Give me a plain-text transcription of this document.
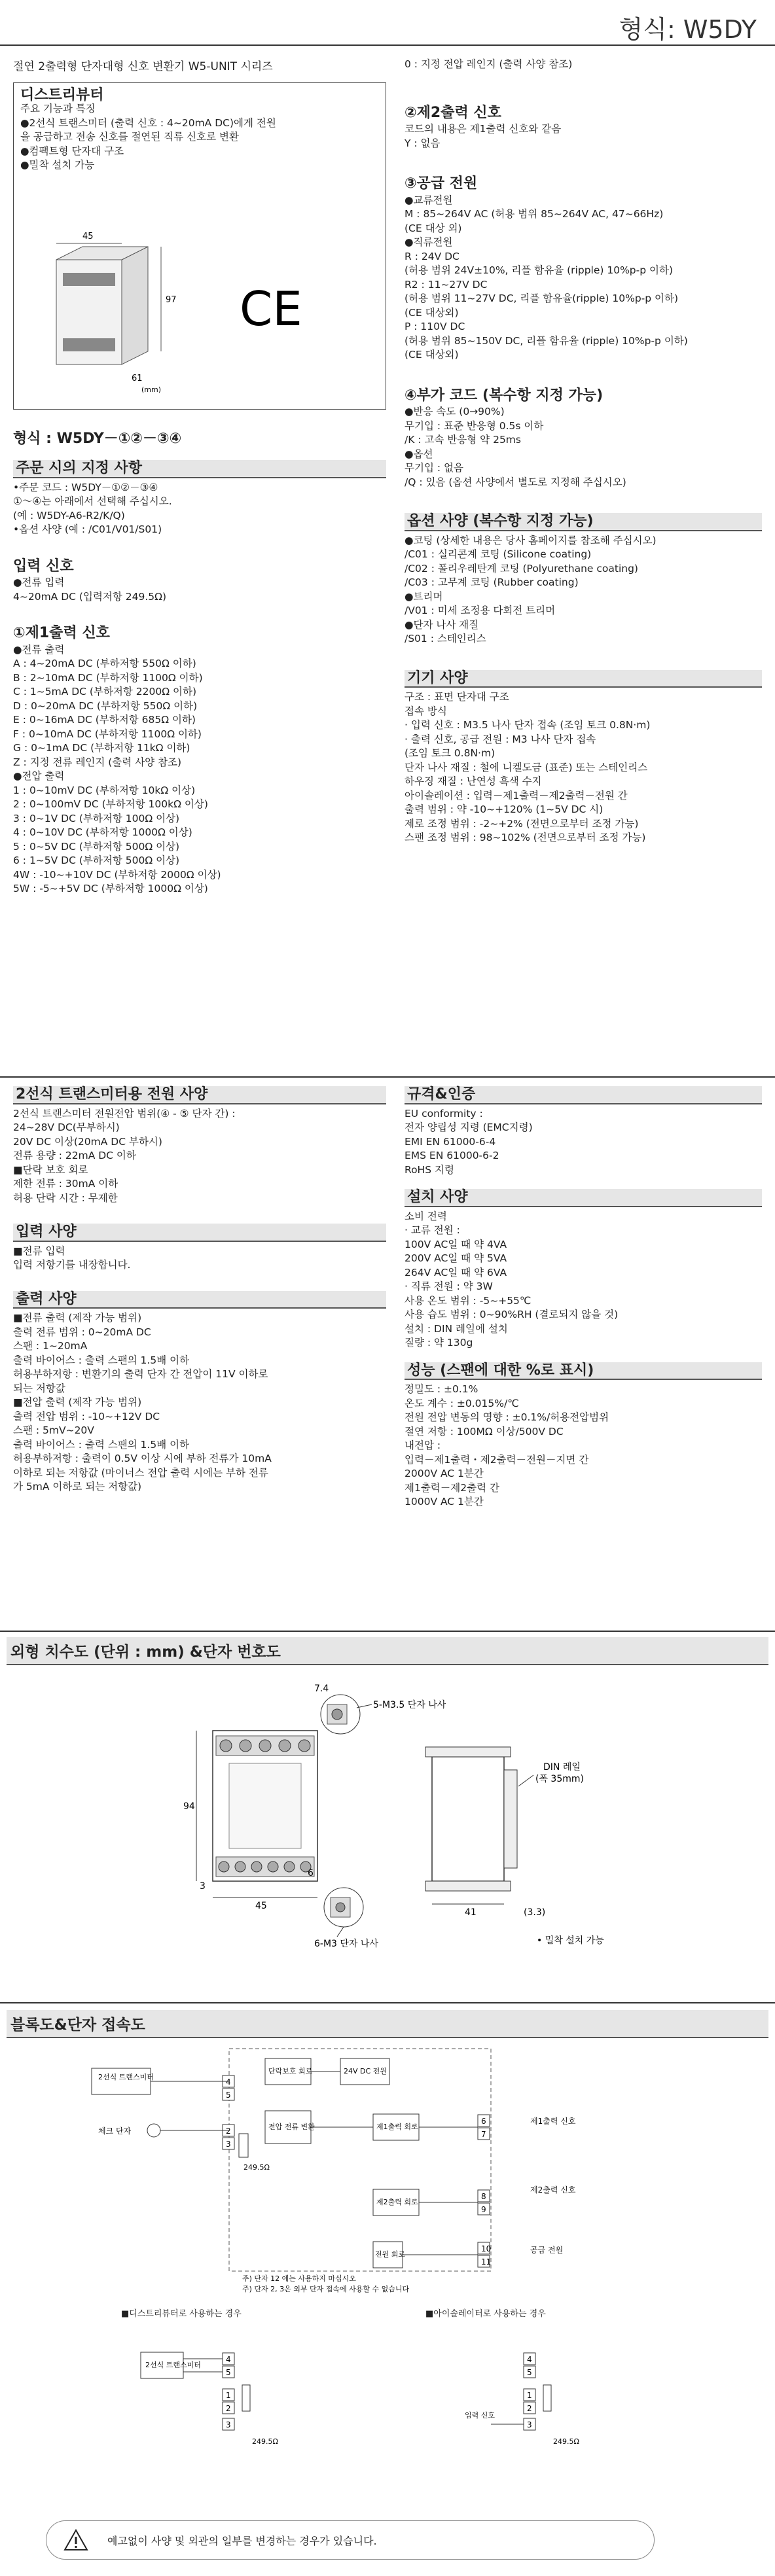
형식: W5DY
절연 2출력형 단자대형 신호 변환기 W5-UNIT 시리즈
디스트리뷰터
주요 기능과 특징
●2선식 트랜스미터 (출력 신호 : 4~20mA DC)에게 전원
을 공급하고 전송 신호를 절연된 직류 신호로 변환
●컴팩트형 단자대 구조
●밀착 설치 가능
45
97
61
(mm)
CE
형식 : W5DY－①②－③④
주문 시의 지정 사항
•주문 코드 : W5DY－①②－③④
①～④는 아래에서 선택해 주십시오.
(예 : W5DY-A6-R2/K/Q)
•옵션 사양 (예 : /C01/V01/S01)
입력 신호
●전류 입력
4~20mA DC (입력저항 249.5Ω)
①제1출력 신호
●전류 출력
A : 4~20mA DC (부하저항 550Ω 이하)
B : 2~10mA DC (부하저항 1100Ω 이하)
C : 1~5mA DC (부하저항 2200Ω 이하)
D : 0~20mA DC (부하저항 550Ω 이하)
E : 0~16mA DC (부하저항 685Ω 이하)
F : 0~10mA DC (부하저항 1100Ω 이하)
G : 0~1mA DC (부하저항 11kΩ 이하)
Z : 지정 전류 레인지 (출력 사양 참조)
●전압 출력
1 : 0~10mV DC (부하저항 10kΩ 이상)
2 : 0~100mV DC (부하저항 100kΩ 이상)
3 : 0~1V DC (부하저항 100Ω 이상)
4 : 0~10V DC (부하저항 1000Ω 이상)
5 : 0~5V DC (부하저항 500Ω 이상)
6 : 1~5V DC (부하저항 500Ω 이상)
4W : -10~+10V DC (부하저항 2000Ω 이상)
5W : -5~+5V DC (부하저항 1000Ω 이상)
0 : 지정 전압 레인지 (출력 사양 참조)
②제2출력 신호
코드의 내용은 제1출력 신호와 같음
Y : 없음
③공급 전원
●교류전원
M : 85~264V AC (허용 범위 85~264V AC, 47~66Hz)
(CE 대상 외)
●직류전원
R : 24V DC
(허용 범위 24V±10%, 리플 함유율 (ripple) 10%p-p 이하)
R2 : 11~27V DC
(허용 범위 11~27V DC, 리플 함유율(ripple) 10%p-p 이하)
(CE 대상외)
P : 110V DC
(허용 범위 85~150V DC, 리플 함유율 (ripple) 10%p-p 이하)
(CE 대상외)
④부가 코드 (복수항 지정 가능)
●반응 속도 (0→90%)
무기입 : 표준 반응형 0.5s 이하
/K : 고속 반응형 약 25ms
●옵션
무기입 : 없음
/Q : 있음 (옵션 사양에서 별도로 지정해 주십시오)
옵션 사양 (복수항 지정 가능)
●코팅 (상세한 내용은 당사 홈페이지를 참조해 주십시오)
/C01 : 실리콘계 코팅 (Silicone coating)
/C02 : 폴리우레탄계 코팅 (Polyurethane coating)
/C03 : 고무계 코팅 (Rubber coating)
●트리머
/V01 : 미세 조정용 다회전 트리머
●단자 나사 재질
/S01 : 스테인리스
기기 사양
구조 : 표면 단자대 구조
접속 방식
· 입력 신호 : M3.5 나사 단자 접속 (조임 토크 0.8N·m)
· 출력 신호, 공급 전원 : M3 나사 단자 접속
(조임 토크 0.8N·m)
단자 나사 재질 : 철에 니켈도금 (표준) 또는 스테인리스
하우징 재질 : 난연성 흑색 수지
아이솔레이션 : 입력－제1출력－제2출력－전원 간
출력 범위 : 약 -10~+120% (1~5V DC 시)
제로 조정 범위 : -2~+2% (전면으로부터 조정 가능)
스팬 조정 범위 : 98~102% (전면으로부터 조정 가능)
2선식 트랜스미터용 전원 사양
2선식 트랜스미터 전원전압 범위(④ - ⑤ 단자 간) :
24~28V DC(무부하시)
20V DC 이상(20mA DC 부하시)
전류 용량 : 22mA DC 이하
■단락 보호 회로
제한 전류 : 30mA 이하
허용 단락 시간 : 무제한
입력 사양
■전류 입력
입력 저항기를 내장합니다.
출력 사양
■전류 출력 (제작 가능 범위)
출력 전류 범위 : 0~20mA DC
스팬 : 1~20mA
출력 바이어스 : 출력 스팬의 1.5배 이하
허용부하저항 : 변환기의 출력 단자 간 전압이 11V 이하로
되는 저항값
■전압 출력 (제작 가능 범위)
출력 전압 범위 : -10~+12V DC
스팬 : 5mV~20V
출력 바이어스 : 출력 스팬의 1.5배 이하
허용부하저항 : 출력이 0.5V 이상 시에 부하 전류가 10mA
이하로 되는 저항값 (마이너스 전압 출력 시에는 부하 전류
가 5mA 이하로 되는 저항값)
규격&인증
EU conformity :
전자 양립성 지령 (EMC지령)
EMI EN 61000-6-4
EMS EN 61000-6-2
RoHS 지령
설치 사양
소비 전력
· 교류 전원 :
100V AC일 때 약 4VA
200V AC일 때 약 5VA
264V AC일 때 약 6VA
· 직류 전원 : 약 3W
사용 온도 범위 : -5~+55℃
사용 습도 범위 : 0~90%RH (결로되지 않을 것)
설치 : DIN 레일에 설치
질량 : 약 130g
성능 (스팬에 대한 %로 표시)
정밀도 : ±0.1%
온도 계수 : ±0.015%/℃
전원 전압 변동의 영향 : ±0.1%/허용전압범위
절연 저항 : 100MΩ 이상/500V DC
내전압 :
입력－제1출력・제2출력－전원－지면 간
2000V AC 1분간
제1출력－제2출력 간
1000V AC 1분간
외형 치수도 (단위 : mm) &단자 번호도
94
45
7.4
3
6
5-M3.5 단자 나사
6-M3 단자 나사
DIN 레일
(폭 35mm)
41	(3.3)
• 밀착 설치 가능
블록도&단자 접속도
4
5
2
3
6
7
8
9
10
11
2선식 트랜스미터
체크 단자
단락보호 회로	24V DC 전원
전압 전류 변환	제1출력 회로
제2출력 회로
전원 회로
249.5Ω
제1출력 신호
제2출력 신호
공급 전원
주) 단자 12 에는 사용하지 마십시오
주) 단자 2, 3은 외부 단자 접속에 사용할 수 없습니다
■디스트리뷰터로 사용하는 경우	■아이솔레이터로 사용하는 경우
2선식 트랜스미터
4
5
1
2
3
249.5Ω
4
5
1
2
3
249.5Ω
입력 신호
예고없이 사양 및 외관의 일부를 변경하는 경우가 있습니다.
